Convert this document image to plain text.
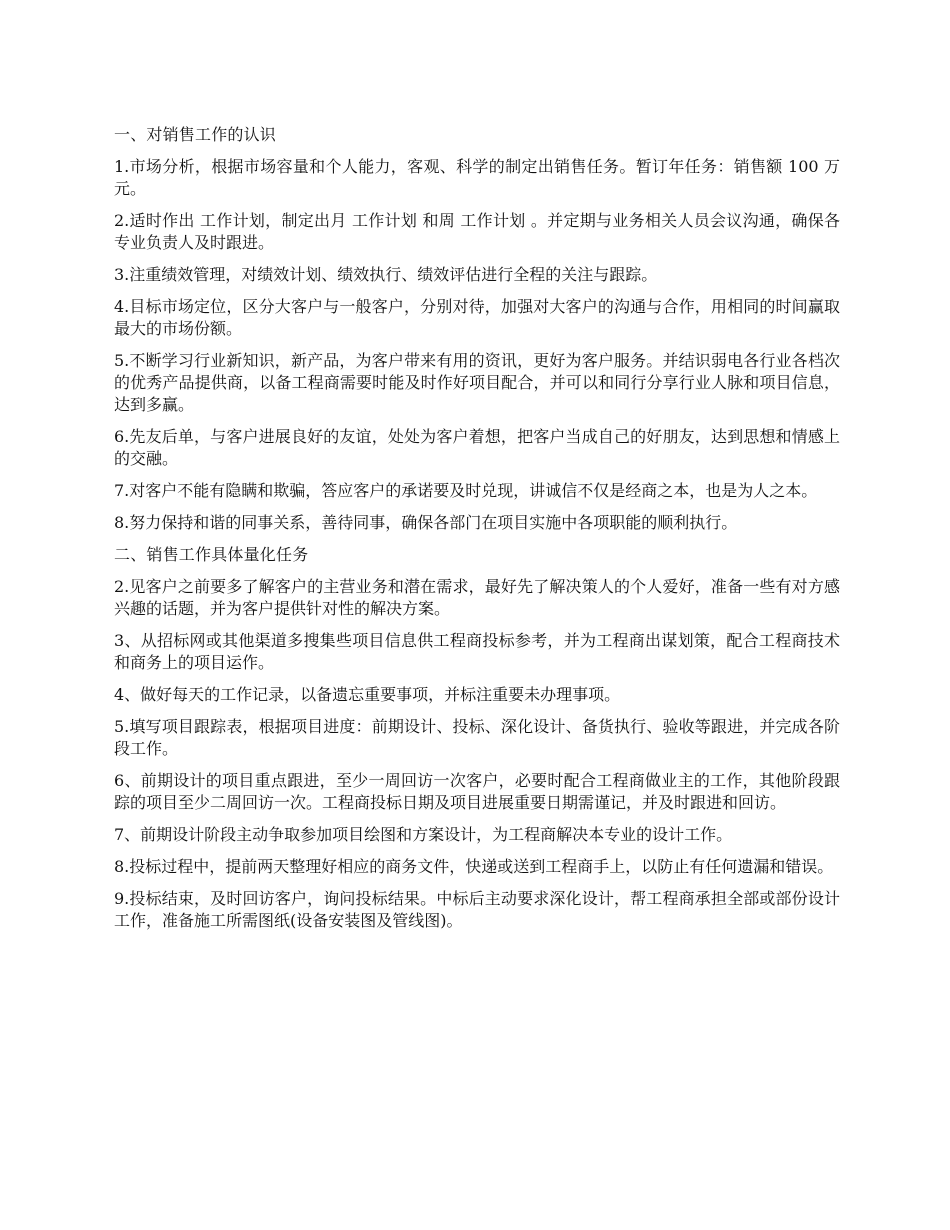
一、对销售工作的认识

1.市场分析，根据市场容量和个人能力，客观、科学的制定出销售任务。暂订年任务：销售额 100 万元。

2.适时作出 工作计划，制定出月 工作计划 和周 工作计划 。并定期与业务相关人员会议沟通，确保各专业负责人及时跟进。

3.注重绩效管理，对绩效计划、绩效执行、绩效评估进行全程的关注与跟踪。

4.目标市场定位，区分大客户与一般客户，分别对待，加强对大客户的沟通与合作，用相同的时间赢取最大的市场份额。

5.不断学习行业新知识，新产品，为客户带来有用的资讯，更好为客户服务。并结识弱电各行业各档次的优秀产品提供商，以备工程商需要时能及时作好项目配合，并可以和同行分享行业人脉和项目信息，达到多赢。

6.先友后单，与客户进展良好的友谊，处处为客户着想，把客户当成自己的好朋友，达到思想和情感上的交融。

7.对客户不能有隐瞒和欺骗，答应客户的承诺要及时兑现，讲诚信不仅是经商之本，也是为人之本。

8.努力保持和谐的同事关系，善待同事，确保各部门在项目实施中各项职能的顺利执行。

二、销售工作具体量化任务

2.见客户之前要多了解客户的主营业务和潜在需求，最好先了解决策人的个人爱好，准备一些有对方感兴趣的话题，并为客户提供针对性的解决方案。

3、从招标网或其他渠道多搜集些项目信息供工程商投标参考，并为工程商出谋划策，配合工程商技术和商务上的项目运作。

4、做好每天的工作记录，以备遗忘重要事项，并标注重要未办理事项。

5.填写项目跟踪表，根据项目进度：前期设计、投标、深化设计、备货执行、验收等跟进，并完成各阶段工作。

6、前期设计的项目重点跟进，至少一周回访一次客户，必要时配合工程商做业主的工作，其他阶段跟踪的项目至少二周回访一次。工程商投标日期及项目进展重要日期需谨记，并及时跟进和回访。

7、前期设计阶段主动争取参加项目绘图和方案设计，为工程商解决本专业的设计工作。

8.投标过程中，提前两天整理好相应的商务文件，快递或送到工程商手上，以防止有任何遗漏和错误。

9.投标结束，及时回访客户，询问投标结果。中标后主动要求深化设计，帮工程商承担全部或部份设计工作，准备施工所需图纸(设备安装图及管线图)。
